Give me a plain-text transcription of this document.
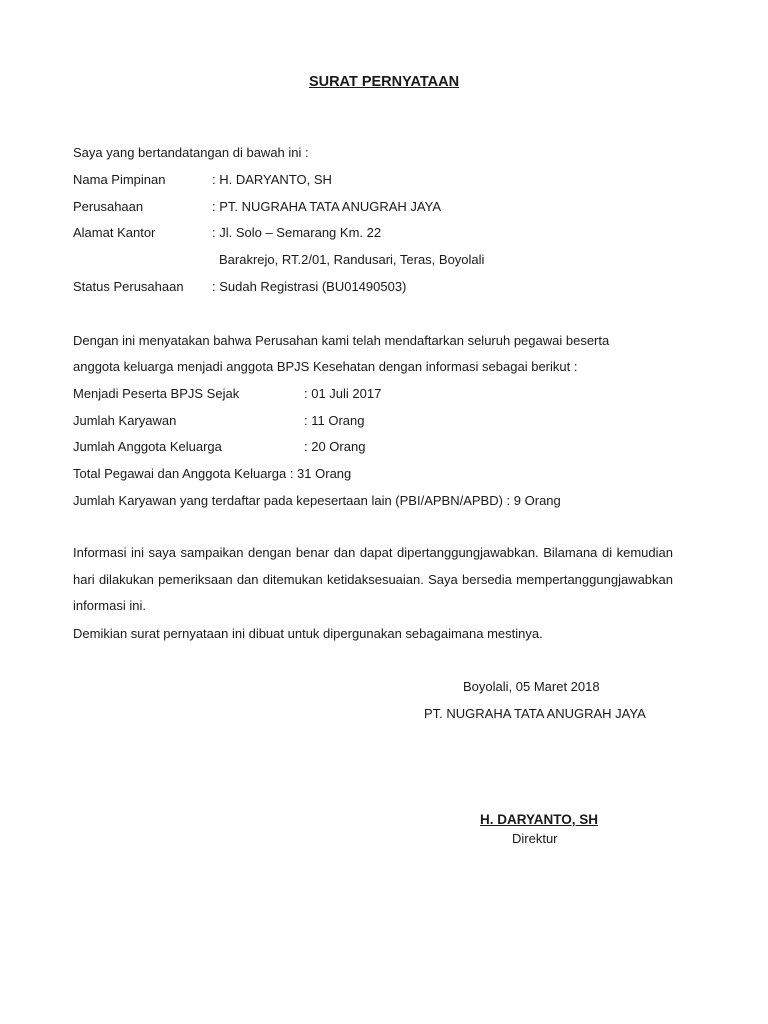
SURAT PERNYATAAN
Saya yang bertandatangan di bawah ini :
Nama Pimpinan	: H. DARYANTO, SH
Perusahaan	: PT. NUGRAHA TATA ANUGRAH JAYA
Alamat Kantor	: Jl. Solo – Semarang Km. 22
Barakrejo, RT.2/01, Randusari, Teras, Boyolali
Status Perusahaan : Sudah Registrasi (BU01490503)
Dengan ini menyatakan bahwa Perusahan kami telah mendaftarkan seluruh pegawai beserta
anggota keluarga menjadi anggota BPJS Kesehatan dengan informasi sebagai berikut :
Menjadi Peserta BPJS Sejak	: 01 Juli 2017
Jumlah Karyawan	: 11 Orang
Jumlah Anggota Keluarga	: 20 Orang
Total Pegawai dan Anggota Keluarga : 31 Orang
Jumlah Karyawan yang terdaftar pada kepesertaan lain (PBI/APBN/APBD) : 9 Orang
Informasi ini saya sampaikan dengan benar dan dapat dipertanggungjawabkan. Bilamana di kemudian hari dilakukan pemeriksaan dan ditemukan ketidaksesuaian. Saya bersedia mempertanggungjawabkan informasi ini.
Demikian surat pernyataan ini dibuat untuk dipergunakan sebagaimana mestinya.
Boyolali, 05 Maret 2018
PT. NUGRAHA TATA ANUGRAH JAYA
H. DARYANTO, SH
Direktur
